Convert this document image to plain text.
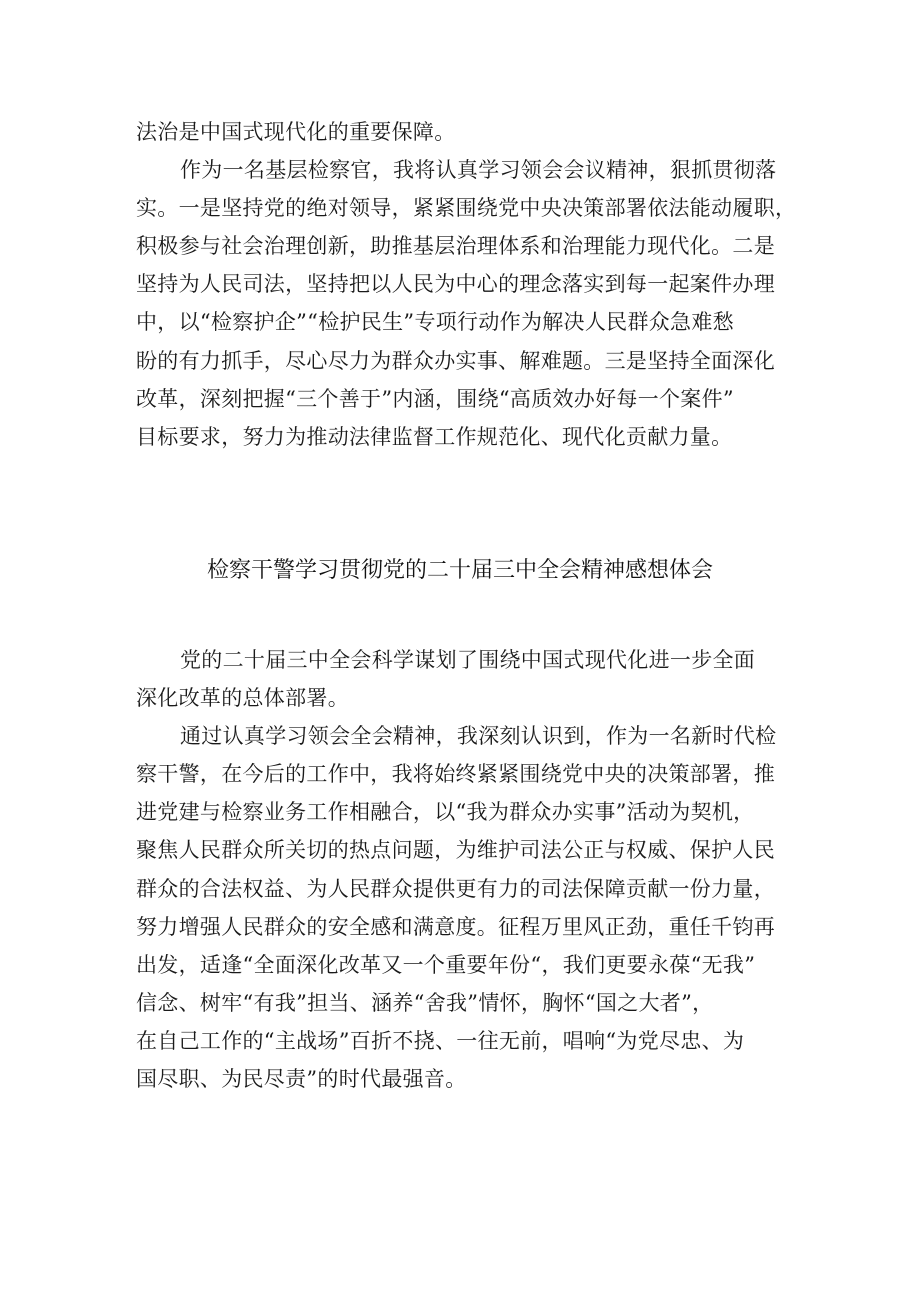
法治是中国式现代化的重要保障。
作为一名基层检察官，我将认真学习领会会议精神，狠抓贯彻落
实。一是坚持党的绝对领导，紧紧围绕党中央决策部署依法能动履职，
积极参与社会治理创新，助推基层治理体系和治理能力现代化。二是
坚持为人民司法，坚持把以人民为中心的理念落实到每一起案件办理
中，以“检察护企”“检护民生”专项行动作为解决人民群众急难愁
盼的有力抓手，尽心尽力为群众办实事、解难题。三是坚持全面深化
改革，深刻把握“三个善于”内涵，围绕“高质效办好每一个案件”
目标要求，努力为推动法律监督工作规范化、现代化贡献力量。
检察干警学习贯彻党的二十届三中全会精神感想体会
党的二十届三中全会科学谋划了围绕中国式现代化进一步全面
深化改革的总体部署。
通过认真学习领会全会精神，我深刻认识到，作为一名新时代检
察干警，在今后的工作中，我将始终紧紧围绕党中央的决策部署，推
进党建与检察业务工作相融合，以“我为群众办实事”活动为契机，
聚焦人民群众所关切的热点问题，为维护司法公正与权威、保护人民
群众的合法权益、为人民群众提供更有力的司法保障贡献一份力量，
努力增强人民群众的安全感和满意度。征程万里风正劲，重任千钧再
出发，适逢“全面深化改革又一个重要年份“，我们更要永葆“无我”
信念、树牢“有我”担当、涵养“舍我”情怀，胸怀“国之大者”，
在自己工作的“主战场”百折不挠、一往无前，唱响“为党尽忠、为
国尽职、为民尽责”的时代最强音。
